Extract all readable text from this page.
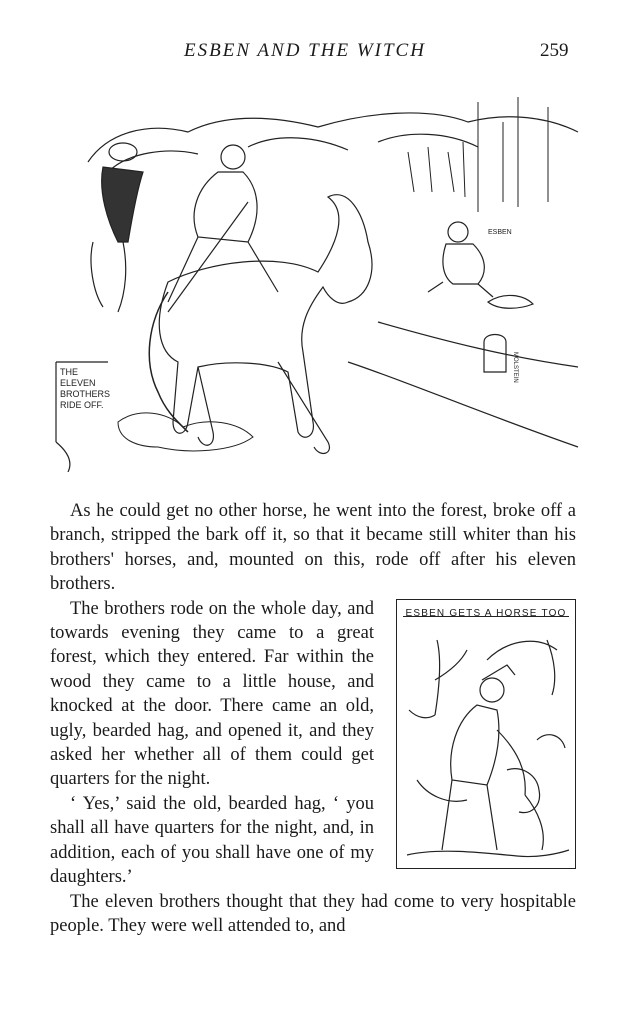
ESBEN AND THE WITCH	259
ESBEN
MOLSTEIN
THE
ELEVEN
BROTHERS
RIDE OFF.

As he could get no other horse, he went into the forest, broke off a branch, stripped the bark off it, so that it became still whiter than his brothers' horses, and, mounted on this, rode off after his eleven brothers.

ESBEN GETS A HORSE TOO

The brothers rode on the whole day, and towards evening they came to a great forest, which they entered. Far within the wood they came to a little house, and knocked at the door. There came an old, ugly, bearded hag, and opened it, and they asked her whether all of them could get quarters for the night.

‘ Yes,’ said the old, bearded hag, ‘ you shall all have quarters for the night, and, in addition, each of you shall have one of my daughters.’

The eleven brothers thought that they had come to very hospitable people. They were well attended to, and
